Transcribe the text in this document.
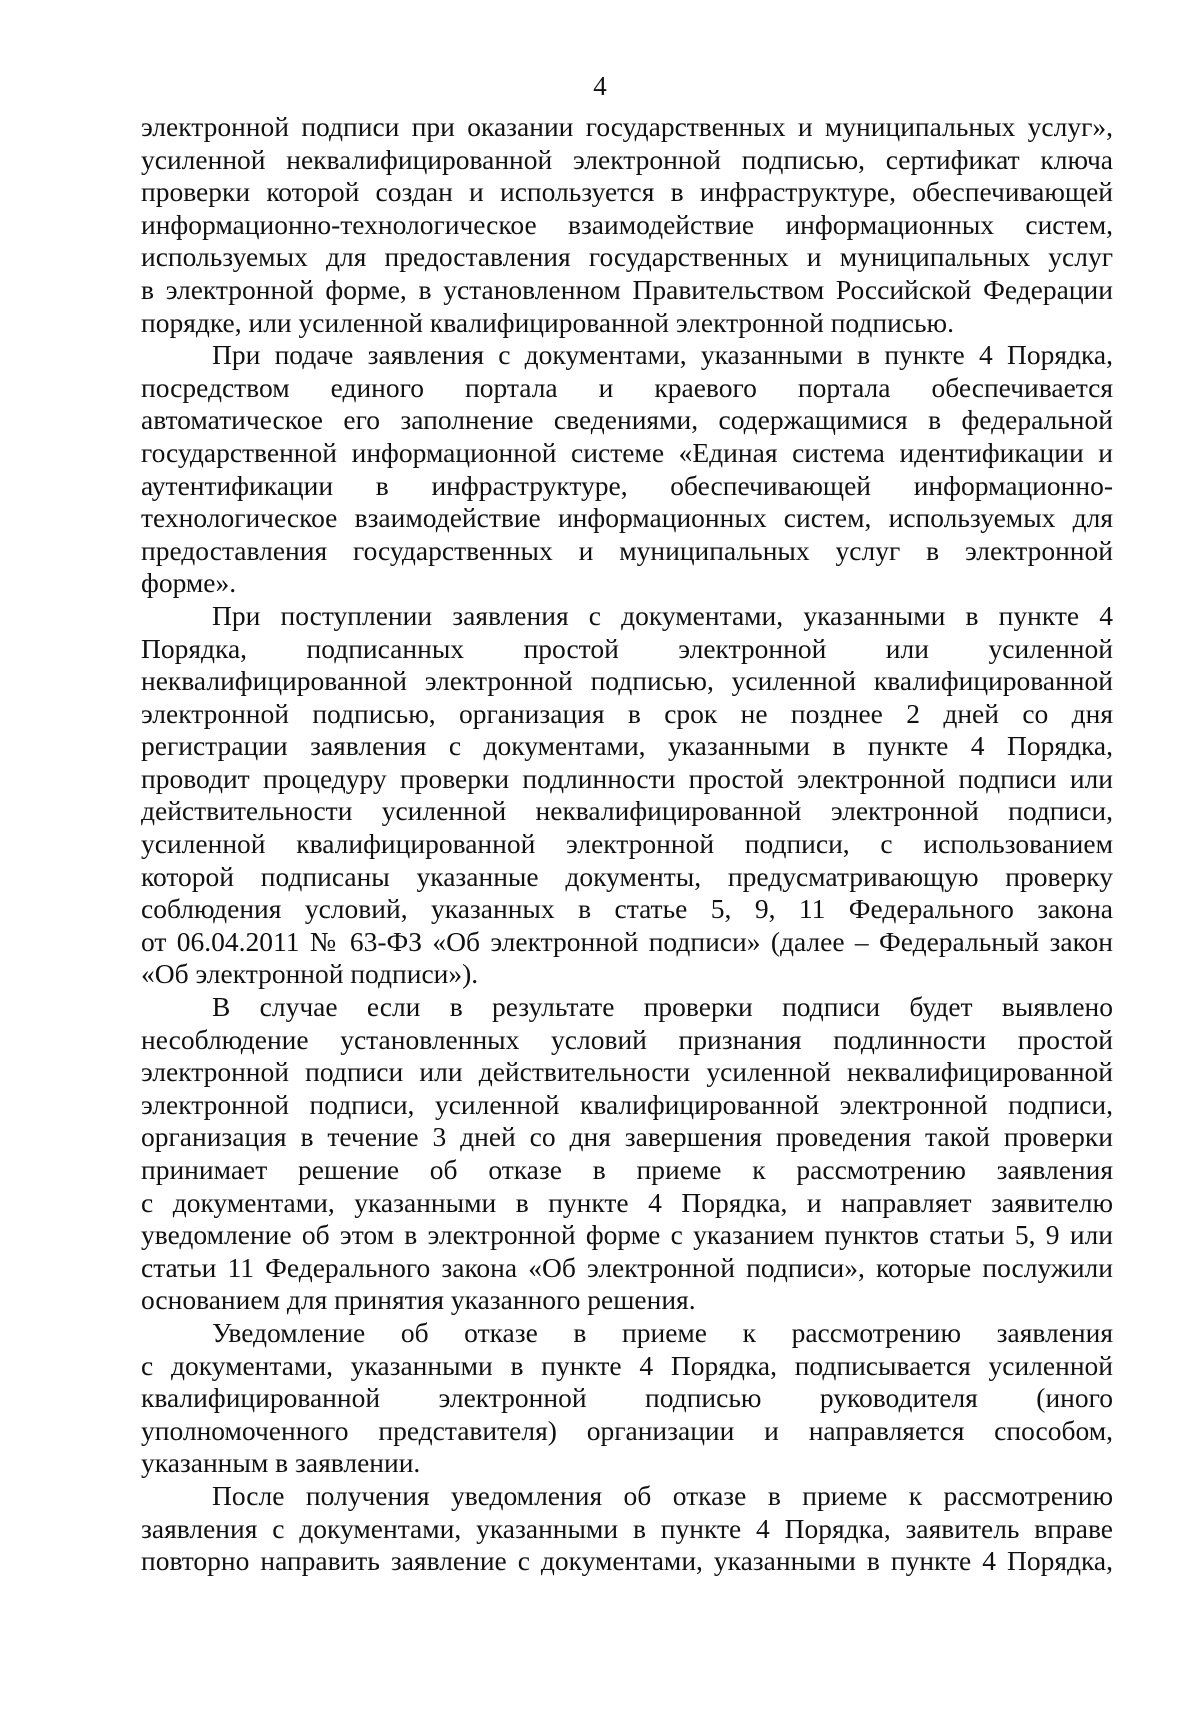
4
электронной подписи при оказании государственных и муниципальных услуг»,
усиленной неквалифицированной электронной подписью, сертификат ключа
проверки которой создан и используется в инфраструктуре, обеспечивающей
информационно-технологическое взаимодействие информационных систем,
используемых для предоставления государственных и муниципальных услуг
в электронной форме, в установленном Правительством Российской Федерации
порядке, или усиленной квалифицированной электронной подписью.
При подаче заявления с документами, указанными в пункте 4 Порядка,
посредством единого портала и краевого портала обеспечивается
автоматическое его заполнение сведениями, содержащимися в федеральной
государственной информационной системе «Единая система идентификации и
аутентификации в инфраструктуре, обеспечивающей информационно-
технологическое взаимодействие информационных систем, используемых для
предоставления государственных и муниципальных услуг в электронной
форме».
При поступлении заявления с документами, указанными в пункте 4
Порядка, подписанных простой электронной или усиленной
неквалифицированной электронной подписью, усиленной квалифицированной
электронной подписью, организация в срок не позднее 2 дней со дня
регистрации заявления с документами, указанными в пункте 4 Порядка,
проводит процедуру проверки подлинности простой электронной подписи или
действительности усиленной неквалифицированной электронной подписи,
усиленной квалифицированной электронной подписи, с использованием
которой подписаны указанные документы, предусматривающую проверку
соблюдения условий, указанных в статье 5, 9, 11 Федерального закона
от 06.04.2011 № 63-ФЗ «Об электронной подписи» (далее – Федеральный закон
«Об электронной подписи»).
В случае если в результате проверки подписи будет выявлено
несоблюдение установленных условий признания подлинности простой
электронной подписи или действительности усиленной неквалифицированной
электронной подписи, усиленной квалифицированной электронной подписи,
организация в течение 3 дней со дня завершения проведения такой проверки
принимает решение об отказе в приеме к рассмотрению заявления
с документами, указанными в пункте 4 Порядка, и направляет заявителю
уведомление об этом в электронной форме с указанием пунктов статьи 5, 9 или
статьи 11 Федерального закона «Об электронной подписи», которые послужили
основанием для принятия указанного решения.
Уведомление об отказе в приеме к рассмотрению заявления
с документами, указанными в пункте 4 Порядка, подписывается усиленной
квалифицированной электронной подписью руководителя (иного
уполномоченного представителя) организации и направляется способом,
указанным в заявлении.
После получения уведомления об отказе в приеме к рассмотрению
заявления с документами, указанными в пункте 4 Порядка, заявитель вправе
повторно направить заявление с документами, указанными в пункте 4 Порядка,
